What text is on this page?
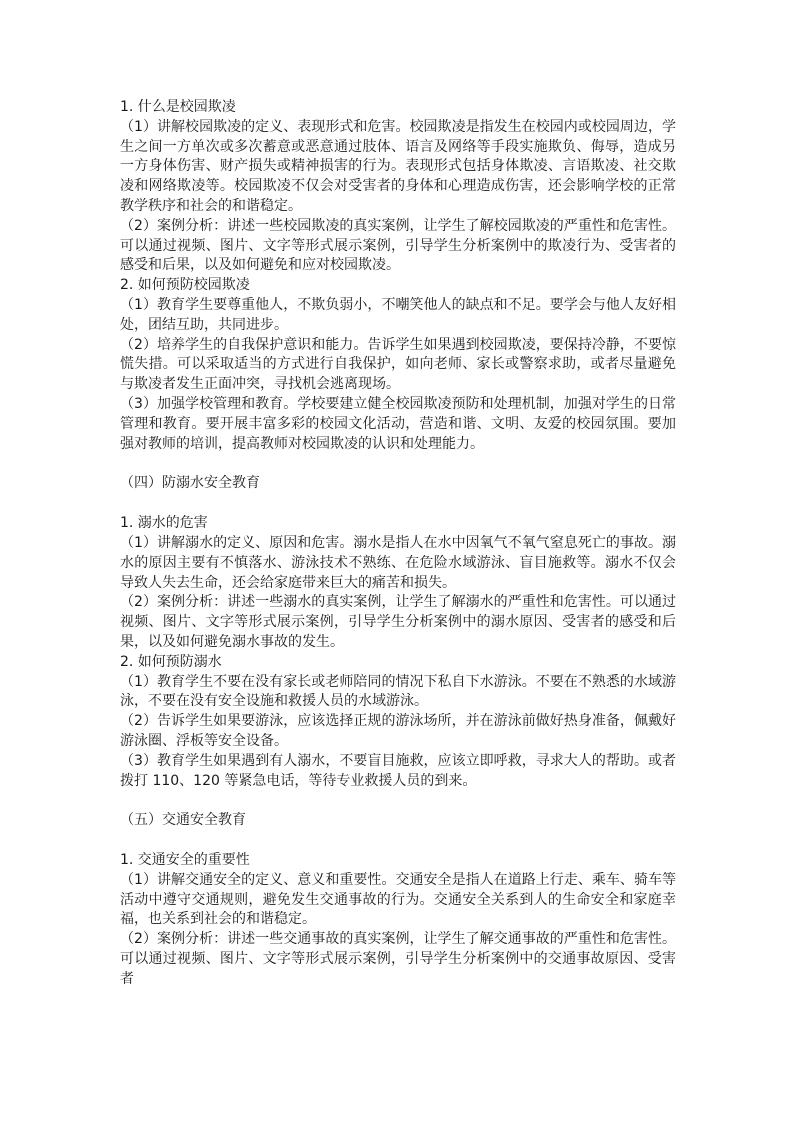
1. 什么是校园欺凌

（1）讲解校园欺凌的定义、表现形式和危害。校园欺凌是指发生在校园内或校园周边，学生之间一方单次或多次蓄意或恶意通过肢体、语言及网络等手段实施欺负、侮辱，造成另一方身体伤害、财产损失或精神损害的行为。表现形式包括身体欺凌、言语欺凌、社交欺凌和网络欺凌等。校园欺凌不仅会对受害者的身体和心理造成伤害，还会影响学校的正常教学秩序和社会的和谐稳定。

（2）案例分析：讲述一些校园欺凌的真实案例，让学生了解校园欺凌的严重性和危害性。可以通过视频、图片、文字等形式展示案例，引导学生分析案例中的欺凌行为、受害者的感受和后果，以及如何避免和应对校园欺凌。

2. 如何预防校园欺凌

（1）教育学生要尊重他人，不欺负弱小，不嘲笑他人的缺点和不足。要学会与他人友好相处，团结互助，共同进步。

（2）培养学生的自我保护意识和能力。告诉学生如果遇到校园欺凌，要保持冷静，不要惊慌失措。可以采取适当的方式进行自我保护，如向老师、家长或警察求助，或者尽量避免与欺凌者发生正面冲突，寻找机会逃离现场。

（3）加强学校管理和教育。学校要建立健全校园欺凌预防和处理机制，加强对学生的日常管理和教育。要开展丰富多彩的校园文化活动，营造和谐、文明、友爱的校园氛围。要加强对教师的培训，提高教师对校园欺凌的认识和处理能力。

（四）防溺水安全教育

1. 溺水的危害

（1）讲解溺水的定义、原因和危害。溺水是指人在水中因氧气不氧气窒息死亡的事故。溺水的原因主要有不慎落水、游泳技术不熟练、在危险水域游泳、盲目施救等。溺水不仅会导致人失去生命，还会给家庭带来巨大的痛苦和损失。

（2）案例分析：讲述一些溺水的真实案例，让学生了解溺水的严重性和危害性。可以通过视频、图片、文字等形式展示案例，引导学生分析案例中的溺水原因、受害者的感受和后果，以及如何避免溺水事故的发生。

2. 如何预防溺水

（1）教育学生不要在没有家长或老师陪同的情况下私自下水游泳。不要在不熟悉的水域游泳，不要在没有安全设施和救援人员的水域游泳。

（2）告诉学生如果要游泳，应该选择正规的游泳场所，并在游泳前做好热身准备，佩戴好游泳圈、浮板等安全设备。

（3）教育学生如果遇到有人溺水，不要盲目施救，应该立即呼救，寻求大人的帮助。或者拨打 110、120 等紧急电话，等待专业救援人员的到来。

（五）交通安全教育

1. 交通安全的重要性

（1）讲解交通安全的定义、意义和重要性。交通安全是指人在道路上行走、乘车、骑车等活动中遵守交通规则，避免发生交通事故的行为。交通安全关系到人的生命安全和家庭幸福，也关系到社会的和谐稳定。

（2）案例分析：讲述一些交通事故的真实案例，让学生了解交通事故的严重性和危害性。可以通过视频、图片、文字等形式展示案例，引导学生分析案例中的交通事故原因、受害者
